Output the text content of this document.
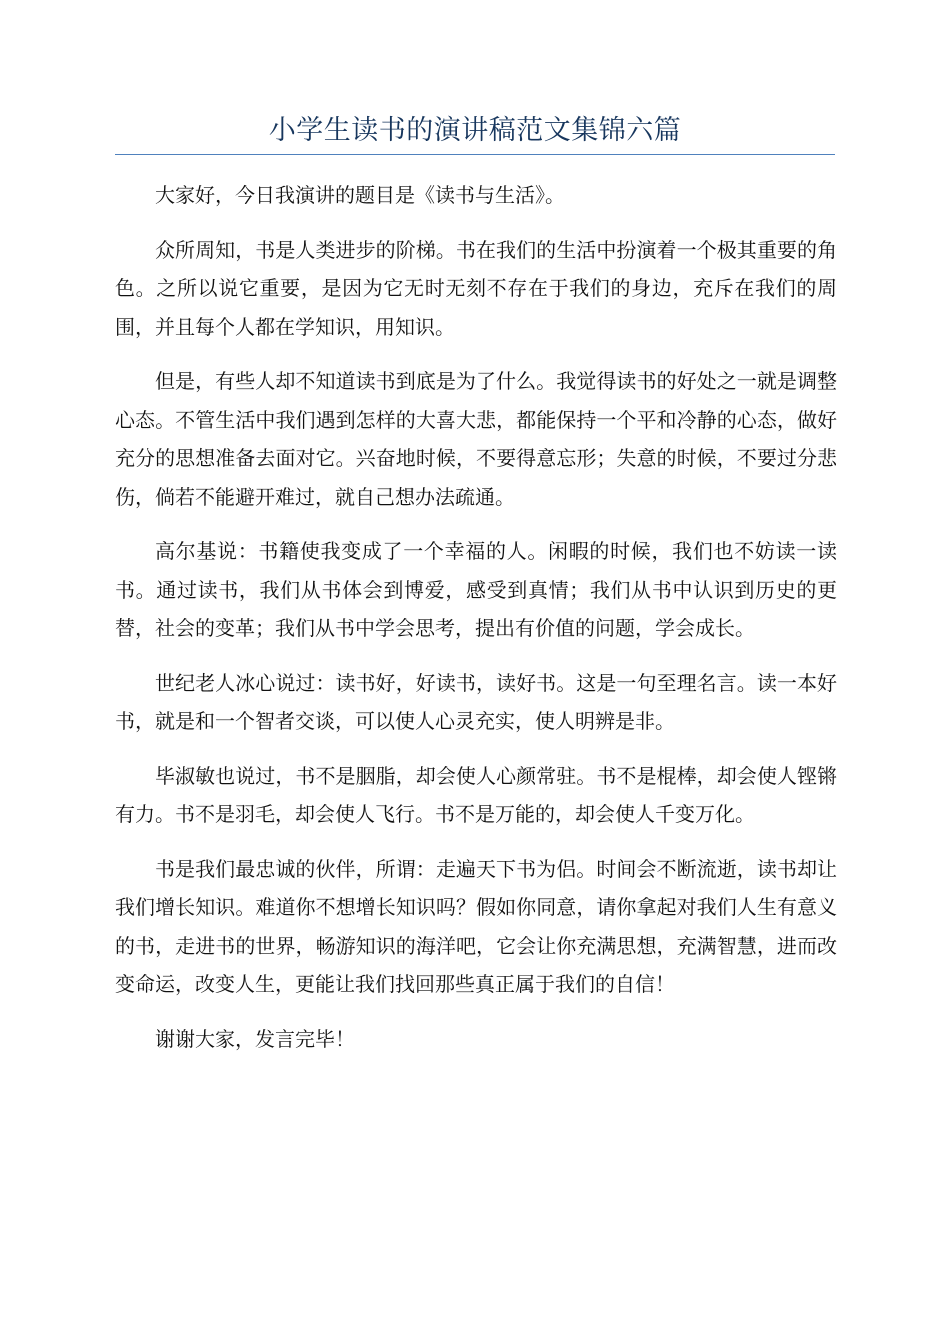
小学生读书的演讲稿范文集锦六篇

大家好，今日我演讲的题目是《读书与生活》。

众所周知，书是人类进步的阶梯。书在我们的生活中扮演着一个极其重要的角色。之所以说它重要，是因为它无时无刻不存在于我们的身边，充斥在我们的周围，并且每个人都在学知识，用知识。

但是，有些人却不知道读书到底是为了什么。我觉得读书的好处之一就是调整心态。不管生活中我们遇到怎样的大喜大悲，都能保持一个平和冷静的心态，做好充分的思想准备去面对它。兴奋地时候，不要得意忘形；失意的时候，不要过分悲伤，倘若不能避开难过，就自己想办法疏通。

高尔基说：书籍使我变成了一个幸福的人。闲暇的时候，我们也不妨读一读书。通过读书，我们从书体会到博爱，感受到真情；我们从书中认识到历史的更替，社会的变革；我们从书中学会思考，提出有价值的问题，学会成长。

世纪老人冰心说过：读书好，好读书，读好书。这是一句至理名言。读一本好书，就是和一个智者交谈，可以使人心灵充实，使人明辨是非。

毕淑敏也说过，书不是胭脂，却会使人心颜常驻。书不是棍棒，却会使人铿锵有力。书不是羽毛，却会使人飞行。书不是万能的，却会使人千变万化。

书是我们最忠诚的伙伴，所谓：走遍天下书为侣。时间会不断流逝，读书却让我们增长知识。难道你不想增长知识吗？假如你同意，请你拿起对我们人生有意义的书，走进书的世界，畅游知识的海洋吧，它会让你充满思想，充满智慧，进而改变命运，改变人生，更能让我们找回那些真正属于我们的自信！

谢谢大家，发言完毕！
